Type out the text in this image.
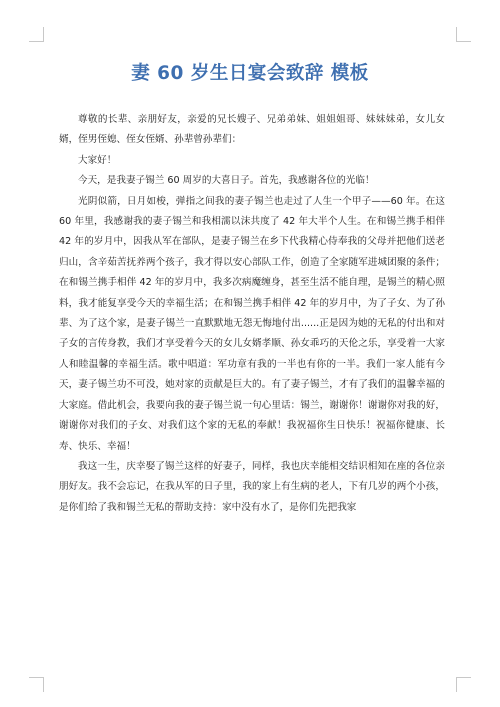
妻 60 岁生日宴会致辞 模板

尊敬的长辈、亲朋好友，亲爱的兄长嫂子、兄弟弟妹、姐姐姐哥、妹妹妹弟，女儿女婿，侄男侄媳、侄女侄婿、孙辈曾孙辈们：

大家好！

今天，是我妻子锡兰 60 周岁的大喜日子。首先，我感谢各位的光临！

光阴似箭，日月如梭，弹指之间我的妻子锡兰也走过了人生一个甲子——60 年。在这 60 年里，我感谢我的妻子锡兰和我相濡以沫共度了 42 年大半个人生。在和锡兰携手相伴 42 年的岁月中，因我从军在部队，是妻子锡兰在乡下代我精心侍奉我的父母并把他们送老归山，含辛茹苦抚养两个孩子，我才得以安心部队工作，创造了全家随军进城团聚的条件；在和锡兰携手相伴 42 年的岁月中，我多次病魔缠身，甚至生活不能自理，是锡兰的精心照料，我才能复享受今天的幸福生活；在和锡兰携手相伴 42 年的岁月中，为了子女、为了孙辈、为了这个家，是妻子锡兰一直默默地无怨无悔地付出......正是因为她的无私的付出和对子女的言传身教，我们才享受着今天的女儿女婿孝顺、孙女乖巧的天伦之乐，享受着一大家人和睦温馨的幸福生活。歌中唱道：军功章有我的一半也有你的一半。我们一家人能有今天，妻子锡兰功不可没，她对家的贡献是巨大的。有了妻子锡兰，才有了我们的温馨幸福的大家庭。借此机会，我要向我的妻子锡兰说一句心里话：锡兰，谢谢你！谢谢你对我的好，谢谢你对我们的子女、对我们这个家的无私的奉献！我祝福你生日快乐！祝福你健康、长寿、快乐、幸福！

我这一生，庆幸娶了锡兰这样的好妻子，同样，我也庆幸能相交结识相知在座的各位亲朋好友。我不会忘记，在我从军的日子里，我的家上有生病的老人，下有几岁的两个小孩，是你们给了我和锡兰无私的帮助支持：家中没有水了，是你们先把我家
